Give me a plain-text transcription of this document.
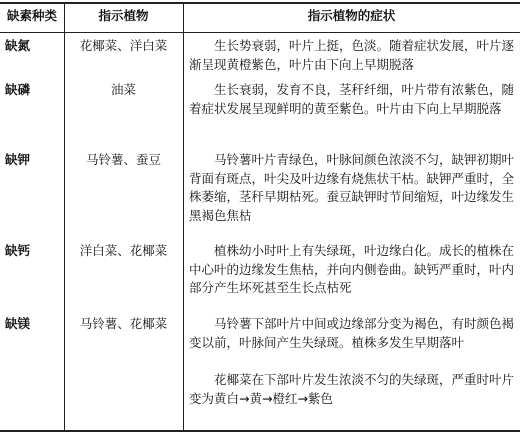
缺素种类	指示植物	指示植物的症状
缺氮	花椰菜、洋白菜	生长势衰弱，叶片上挺，色淡。随着症状发展，叶片逐渐呈现黄橙紫色，叶片由下向上早期脱落
缺磷	油菜	生长衰弱，发育不良，茎秆纤细，叶片带有浓紫色，随着症状发展呈现鲜明的黄至紫色。叶片由下向上早期脱落
缺钾	马铃薯、蚕豆	马铃薯叶片青绿色，叶脉间颜色浓淡不匀，缺钾初期叶背面有斑点，叶尖及叶边缘有烧焦状干枯。缺钾严重时，全株萎缩，茎秆早期枯死。蚕豆缺钾时节间缩短，叶边缘发生黑褐色焦枯
缺钙	洋白菜、花椰菜	植株幼小时叶上有失绿斑，叶边缘白化。成长的植株在中心叶的边缘发生焦枯，并向内侧卷曲。缺钙严重时，叶内部分产生坏死甚至生长点枯死
缺镁	马铃薯、花椰菜	马铃薯下部叶片中间或边缘部分变为褐色，有时颜色褐变以前，叶脉间产生失绿斑。植株多发生早期落叶
花椰菜在下部叶片发生浓淡不匀的失绿斑，严重时叶片变为黄白→黄→橙红→紫色
